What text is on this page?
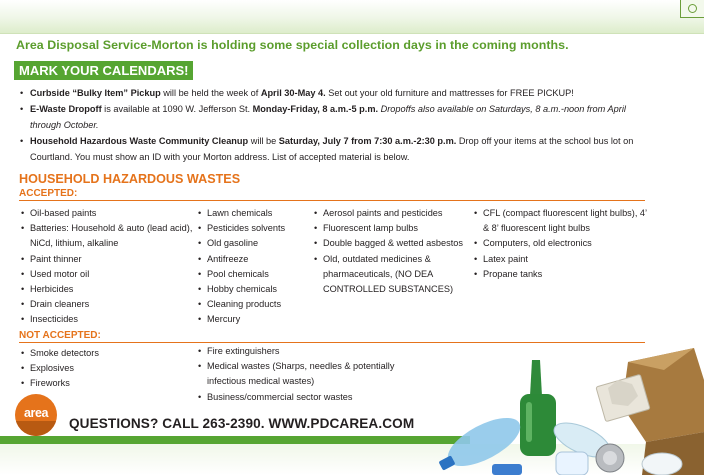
Area Disposal Service-Morton is holding some special collection days in the coming months.
MARK YOUR CALENDARS!
• Curbside “Bulky Item” Pickup will be held the week of April 30-May 4. Set out your old furniture and mattresses for FREE PICKUP!
• E-Waste Dropoff is available at 1090 W. Jefferson St. Monday-Friday, 8 a.m.-5 p.m. Dropoffs also available on Saturdays, 8 a.m.-noon from April through October.
• Household Hazardous Waste Community Cleanup will be Saturday, July 7 from 7:30 a.m.-2:30 p.m. Drop off your items at the school bus lot on Courtland. You must show an ID with your Morton address. List of accepted material is below.
HOUSEHOLD HAZARDOUS WASTES
ACCEPTED:
• Oil-based paints
• Batteries: Household & auto (lead acid), NiCd, lithium, alkaline
• Paint thinner
• Used motor oil
• Herbicides
• Drain cleaners
• Insecticides
• Lawn chemicals
• Pesticides solvents
• Old gasoline
• Antifreeze
• Pool chemicals
• Hobby chemicals
• Cleaning products
• Mercury
• Aerosol paints and pesticides
• Fluorescent lamp bulbs
• Double bagged & wetted asbestos
• Old, outdated medicines & pharmaceuticals, (NO DEA CONTROLLED SUBSTANCES)
• CFL (compact fluorescent light bulbs), 4’ & 8’ fluorescent light bulbs
• Computers, old electronics
• Latex paint
• Propane tanks
NOT ACCEPTED:
• Smoke detectors
• Explosives
• Fireworks
• Fire extinguishers
• Medical wastes (Sharps, needles & potentially infectious medical wastes)
• Business/commercial sector wastes
area
QUESTIONS? CALL 263-2390. WWW.PDCAREA.COM
